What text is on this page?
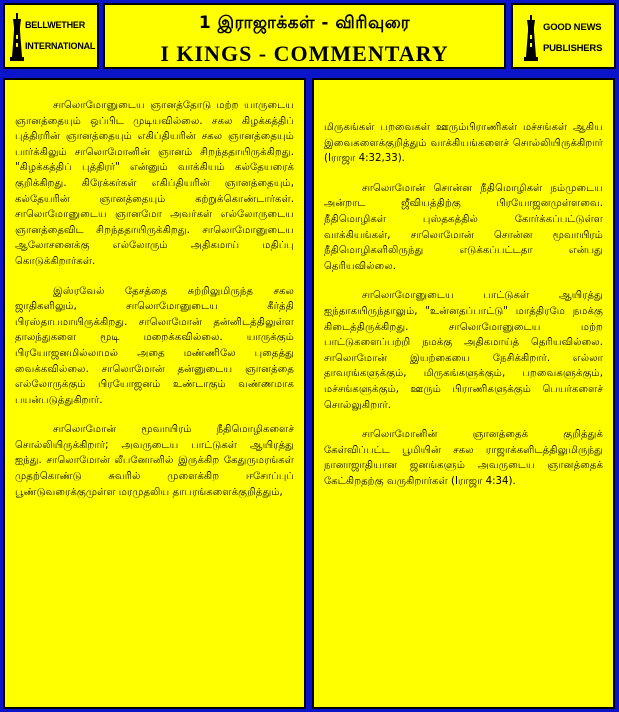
BELLWETHER
INTERNATIONAL
1 இராஜாக்கள் - விரிவுரை
I KINGS - COMMENTARY
GOOD NEWS
PUBLISHERS

சாலொமோனுடைய ஞானத்தோடு மற்ற யாருடைய ஞானத்தையும் ஒப்பிட முடியவில்லை. சகல கிழக்கத்திப் புத்திரரின் ஞானத்தையும் எகிப்தியரின் சகல ஞானத்தையும் பார்க்கிலும் சாலொமோனின் ஞானம் சிறந்ததாயிருக்கிறது. "கிழக்கத்திப் புத்திரர்" என்னும் வாக்கியம் கல்தேயரைக் குறிக்கிறது. கிரேக்கர்கள் எகிப்தியரின் ஞானத்தையும், கல்தேயரின் ஞானத்தையும் கற்றுக்கொண்டார்கள். சாலொமோனுடைய ஞானமோ அவர்கள் எல்லோருடைய ஞானத்தைவிட சிறந்ததாயிருக்கிறது. சாலொமோனுடைய ஆலோசனைக்கு எல்லோரும் அதிகமாய் மதிப்பு கொடுக்கிறார்கள்.

இஸ்ரவேல் தேசத்தை சுற்றிலுமிருந்த சகல ஜாதிகளிலும், சாலொமோனுடைய கீர்த்தி பிரஸ்தாபமாயிருக்கிறது. சாலொமோன் தன்னிடத்திலுள்ள தாலந்துகளை மூடி மறைக்கவில்லை. யாருக்கும் பிரயோஜனமில்லாமல் அதை மண்ணிலே புதைத்து வைக்கவில்லை. சாலொமோன் தன்னுடைய ஞானத்தை எல்லோருக்கும் பிரயோஜனம் உண்டாகும் வண்ணமாக பயன்படுத்துகிறார்.

சாலொமோன் மூவாயிரம் நீதிமொழிகளைச் சொல்லியிருக்கிறார்; அவருடைய பாட்டுகள் ஆயிரத்து ஐந்து. சாலொமோன் லீபனோனில் இருக்கிற கேதுருமரங்கள் முதற்கொண்டு சுவரில் முளைக்கிற ஈசோப்புப் பூண்டுவரைக்குமுள்ள மரமுதலிய தாபரங்களைக்குறித்தும்,

மிருகங்கள் பறவைகள் ஊரும்பிராணிகள் மச்சங்கள் ஆகிய இவைகளைக்குறித்தும் வாக்கியங்களைச் சொல்லியிருக்கிறார் (Iராஜா 4:32,33).

சாலொமோன் சொன்ன நீதிமொழிகள் நம்முடைய அன்றாட ஜீவியத்திற்கு பிரயோஜனமுள்ளவை. நீதிமொழிகள் புஸ்தகத்தில் கோர்க்கப்பட்டுள்ள வாக்கியங்கள், சாலொமோன் சொன்ன மூவாயிரம் நீதிமொழிகளிலிருந்து எடுக்கப்பட்டதா என்பது தெரியவில்லை.

சாலொமோனுடைய பாட்டுகள் ஆயிரத்து ஐந்தாகயிருந்தாலும், "உன்னதப்பாட்டு" மாத்திரமே நமக்கு கிடைத்திருக்கிறது. சாலொமோனுடைய மற்ற பாட்டுகளைப்பற்றி நமக்கு அதிகமாய்த் தெரியவில்லை. சாலொமோன் இயற்கையை நேசிக்கிறார். எல்லா தாவரங்களுக்கும், மிருகங்களுக்கும், பறவைகளுக்கும், மச்சங்களுக்கும், ஊரும் பிராணிகளுக்கும் பெயர்களைச் சொல்லுகிறார்.

சாலொமோனின் ஞானத்தைக் குறித்துக் கேள்விப்பட்ட பூமியின் சகல ராஜாக்களிடத்திலுமிருந்து நானாஜாதியான ஜனங்களும் அவருடைய ஞானத்தைக் கேட்கிறதற்கு வருகிறார்கள் (Iராஜா 4:34).
